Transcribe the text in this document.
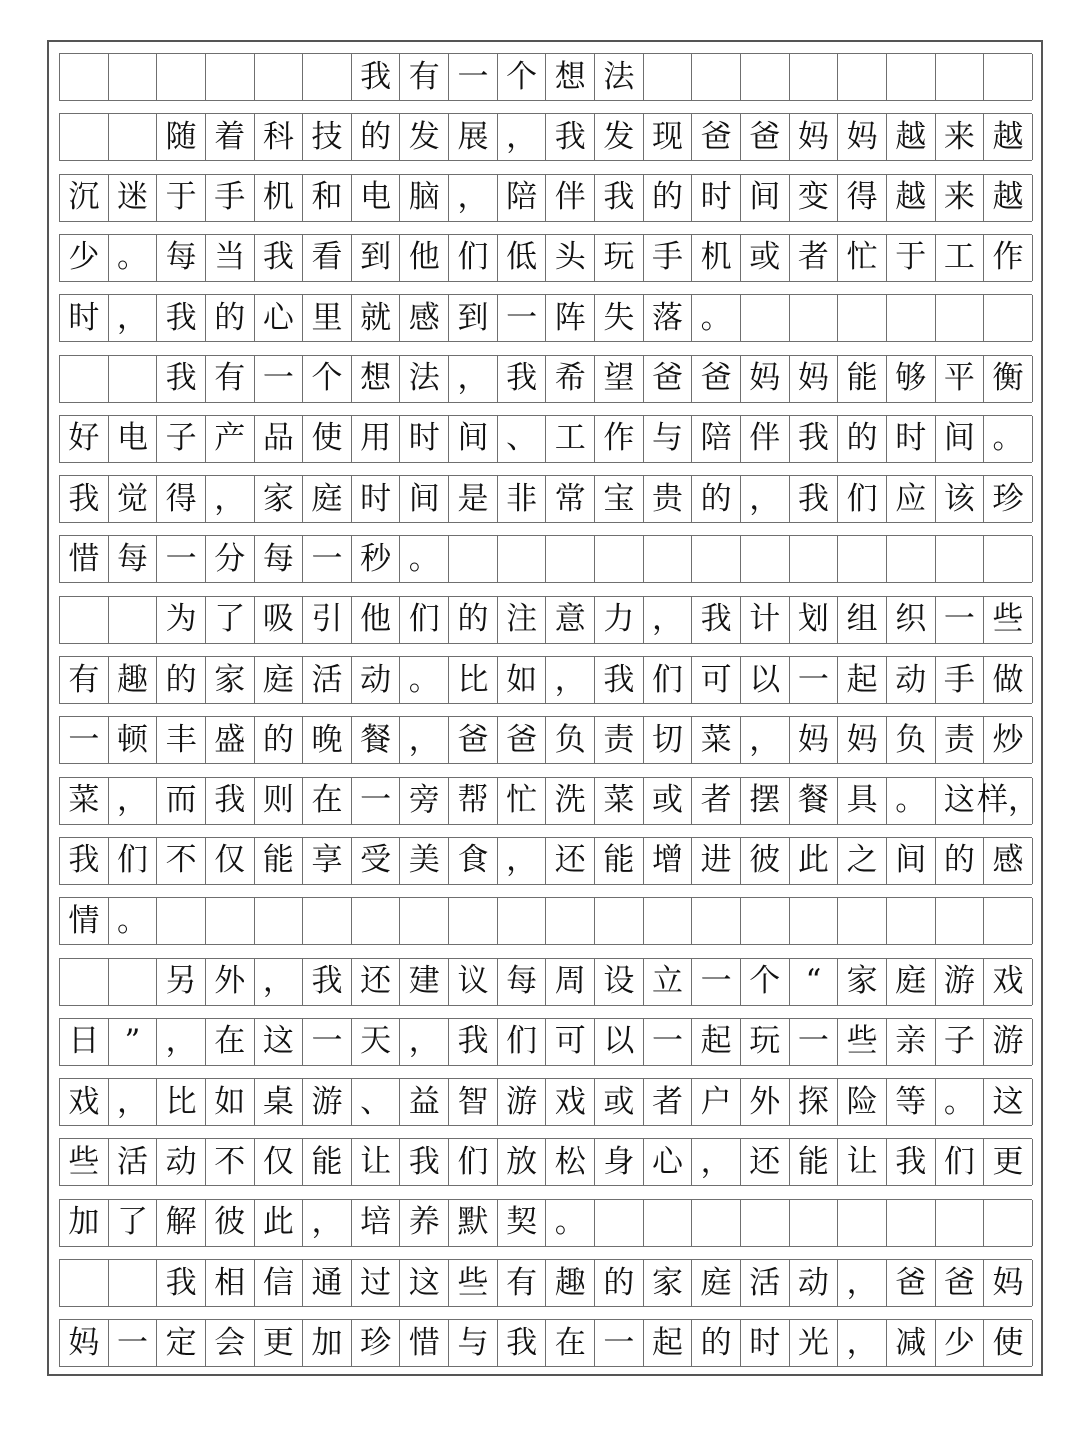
我 有 一 个 想 法
随 着 科 技 的 发 展 ， 我 发 现 爸 爸 妈 妈 越 来 越
沉 迷 于 手 机 和 电 脑 ， 陪 伴 我 的 时 间 变 得 越 来 越
少 。 每 当 我 看 到 他 们 低 头 玩 手 机 或 者 忙 于 工 作
时 ， 我 的 心 里 就 感 到 一 阵 失 落 。
我 有 一 个 想 法 ， 我 希 望 爸 爸 妈 妈 能 够 平 衡
好 电 子 产 品 使 用 时 间 、 工 作 与 陪 伴 我 的 时 间 。
我 觉 得 ， 家 庭 时 间 是 非 常 宝 贵 的 ， 我 们 应 该 珍
惜 每 一 分 每 一 秒 。
为 了 吸 引 他 们 的 注 意 力 ， 我 计 划 组 织 一 些
有 趣 的 家 庭 活 动 。 比 如 ， 我 们 可 以 一 起 动 手 做
一 顿 丰 盛 的 晚 餐 ， 爸 爸 负 责 切 菜 ， 妈 妈 负 责 炒
菜 ， 而 我 则 在 一 旁 帮 忙 洗 菜 或 者 摆 餐 具 。 这 样，
我 们 不 仅 能 享 受 美 食 ， 还 能 增 进 彼 此 之 间 的 感
情 。
另 外 ， 我 还 建 议 每 周 设 立 一 个 “ 家 庭 游 戏
日 ” ， 在 这 一 天 ， 我 们 可 以 一 起 玩 一 些 亲 子 游
戏 ， 比 如 桌 游 、 益 智 游 戏 或 者 户 外 探 险 等 。 这
些 活 动 不 仅 能 让 我 们 放 松 身 心 ， 还 能 让 我 们 更
加 了 解 彼 此 ， 培 养 默 契 。
我 相 信 通 过 这 些 有 趣 的 家 庭 活 动 ， 爸 爸 妈
妈 一 定 会 更 加 珍 惜 与 我 在 一 起 的 时 光 ， 减 少 使
